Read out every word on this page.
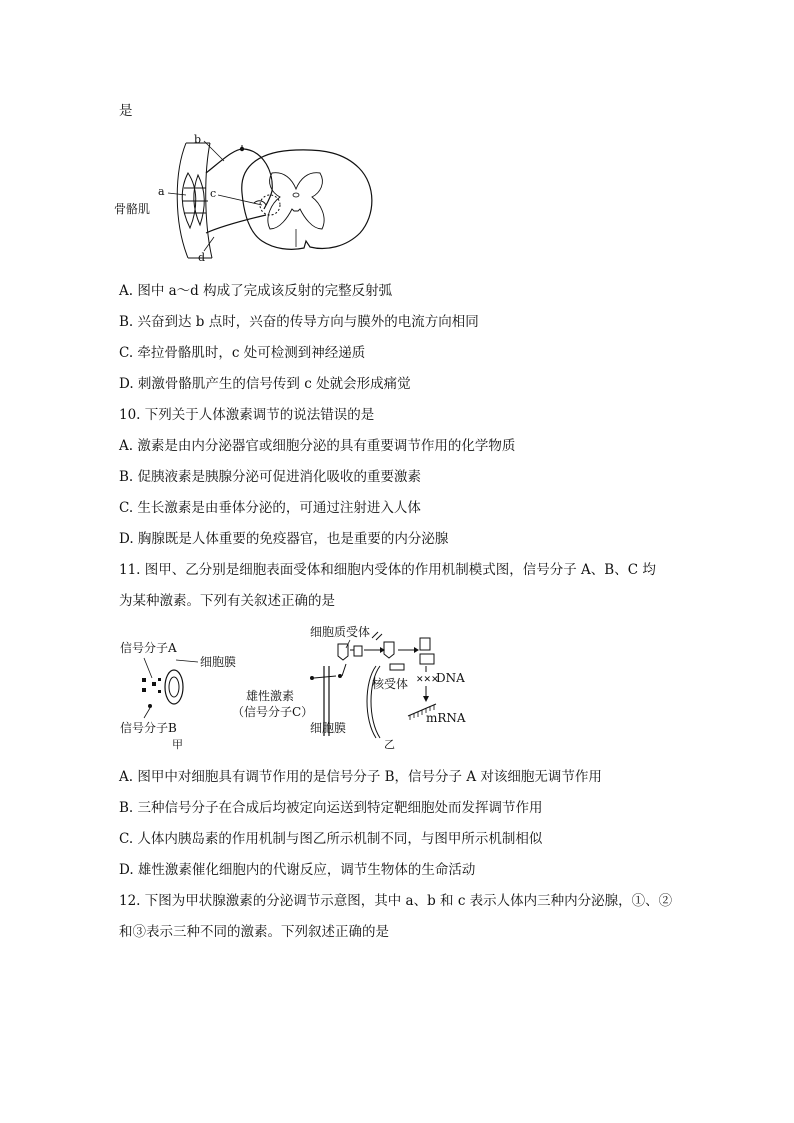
是
b
c
a
骨骼肌
d
A. 图中 a～d 构成了完成该反射的完整反射弧
B. 兴奋到达 b 点时，兴奋的传导方向与膜外的电流方向相同
C. 牵拉骨骼肌时，c 处可检测到神经递质
D. 刺激骨骼肌产生的信号传到 c 处就会形成痛觉
10. 下列关于人体激素调节的说法错误的是
A. 激素是由内分泌器官或细胞分泌的具有重要调节作用的化学物质
B. 促胰液素是胰腺分泌可促进消化吸收的重要激素
C. 生长激素是由垂体分泌的，可通过注射进入人体
D. 胸腺既是人体重要的免疫器官，也是重要的内分泌腺
11. 图甲、乙分别是细胞表面受体和细胞内受体的作用机制模式图，信号分子 A、B、C 均
为某种激素。下列有关叙述正确的是
信号分子A
细胞膜
信号分子B
甲
细胞质受体
核受体 ✕✕✕
DNA
mRNA
雄性激素
（信号分子C）
细胞膜
乙
A. 图甲中对细胞具有调节作用的是信号分子 B，信号分子 A 对该细胞无调节作用
B. 三种信号分子在合成后均被定向运送到特定靶细胞处而发挥调节作用
C. 人体内胰岛素的作用机制与图乙所示机制不同，与图甲所示机制相似
D. 雄性激素催化细胞内的代谢反应，调节生物体的生命活动
12. 下图为甲状腺激素的分泌调节示意图，其中 a、b 和 c 表示人体内三种内分泌腺，①、②
和③表示三种不同的激素。下列叙述正确的是
